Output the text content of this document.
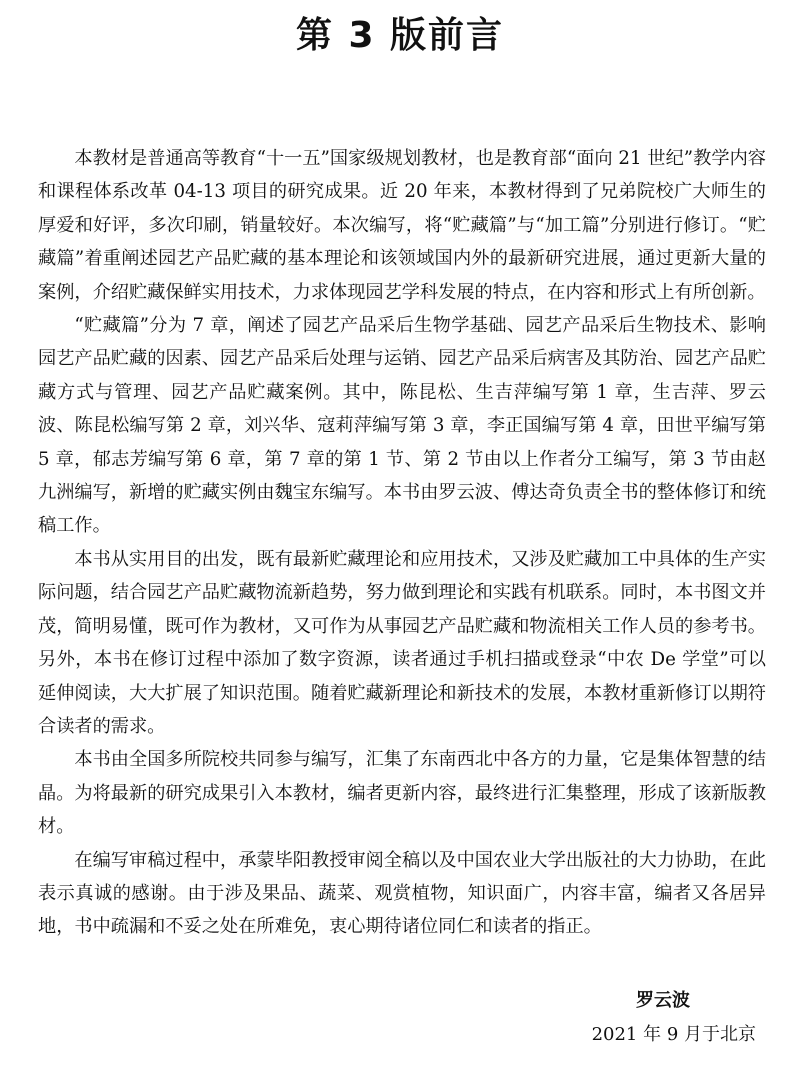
第 3 版前言

本教材是普通高等教育“十一五”国家级规划教材，也是教育部“面向 21 世纪”教学内容和课程体系改革 04-13 项目的研究成果。近 20 年来，本教材得到了兄弟院校广大师生的厚爱和好评，多次印刷，销量较好。本次编写，将“贮藏篇”与“加工篇”分别进行修订。“贮藏篇”着重阐述园艺产品贮藏的基本理论和该领域国内外的最新研究进展，通过更新大量的案例，介绍贮藏保鲜实用技术，力求体现园艺学科发展的特点，在内容和形式上有所创新。

“贮藏篇”分为 7 章，阐述了园艺产品采后生物学基础、园艺产品采后生物技术、影响园艺产品贮藏的因素、园艺产品采后处理与运销、园艺产品采后病害及其防治、园艺产品贮藏方式与管理、园艺产品贮藏案例。其中，陈昆松、生吉萍编写第 1 章，生吉萍、罗云波、陈昆松编写第 2 章，刘兴华、寇莉萍编写第 3 章，李正国编写第 4 章，田世平编写第 5 章，郁志芳编写第 6 章，第 7 章的第 1 节、第 2 节由以上作者分工编写，第 3 节由赵九洲编写，新增的贮藏实例由魏宝东编写。本书由罗云波、傅达奇负责全书的整体修订和统稿工作。

本书从实用目的出发，既有最新贮藏理论和应用技术，又涉及贮藏加工中具体的生产实际问题，结合园艺产品贮藏物流新趋势，努力做到理论和实践有机联系。同时，本书图文并茂，简明易懂，既可作为教材，又可作为从事园艺产品贮藏和物流相关工作人员的参考书。另外，本书在修订过程中添加了数字资源，读者通过手机扫描或登录“中农 De 学堂”可以延伸阅读，大大扩展了知识范围。随着贮藏新理论和新技术的发展，本教材重新修订以期符合读者的需求。

本书由全国多所院校共同参与编写，汇集了东南西北中各方的力量，它是集体智慧的结晶。为将最新的研究成果引入本教材，编者更新内容，最终进行汇集整理，形成了该新版教材。

在编写审稿过程中，承蒙毕阳教授审阅全稿以及中国农业大学出版社的大力协助，在此表示真诚的感谢。由于涉及果品、蔬菜、观赏植物，知识面广，内容丰富，编者又各居异地，书中疏漏和不妥之处在所难免，衷心期待诸位同仁和读者的指正。

罗云波
2021 年 9 月于北京
